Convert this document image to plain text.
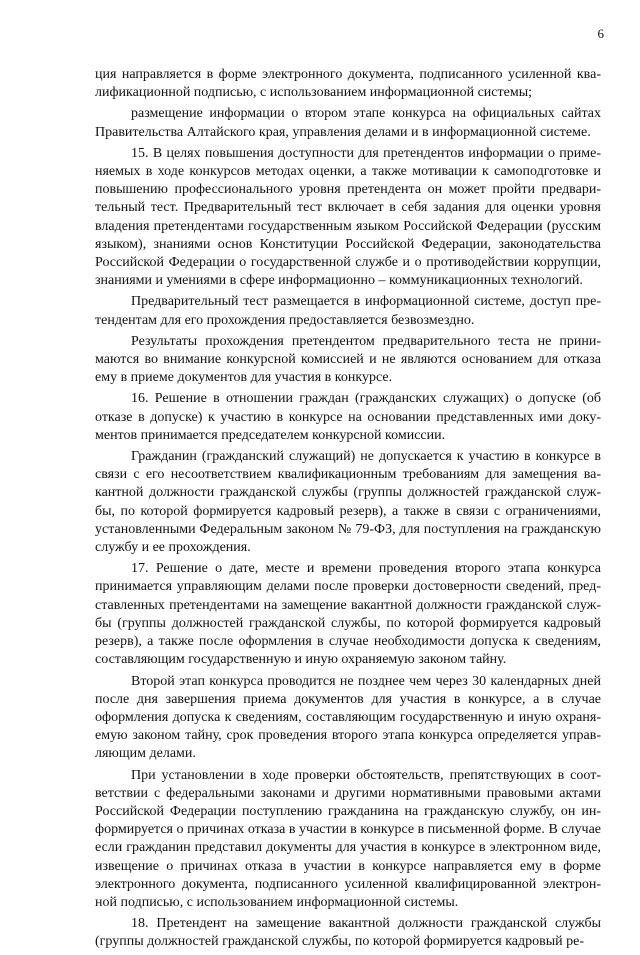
6

ция направляется в форме электронного документа, подписанного усиленной квалификационной подписью, с использованием информационной системы;

размещение информации о втором этапе конкурса на официальных сайтах Правительства Алтайского края, управления делами и в информационной системе.

15. В целях повышения доступности для претендентов информации о применяемых в ходе конкурсов методах оценки, а также мотивации к самоподготовке и повышению профессионального уровня претендента он может пройти предварительный тест. Предварительный тест включает в себя задания для оценки уровня владения претендентами государственным языком Российской Федерации (русским языком), знаниями основ Конституции Российской Федерации, законодательства Российской Федерации о государственной службе и о противодействии коррупции, знаниями и умениями в сфере информационно – коммуникационных технологий.

Предварительный тест размещается в информационной системе, доступ претендентам для его прохождения предоставляется безвозмездно.

Результаты прохождения претендентом предварительного теста не принимаются во внимание конкурсной комиссией и не являются основанием для отказа ему в приеме документов для участия в конкурсе.

16. Решение в отношении граждан (гражданских служащих) о допуске (об отказе в допуске) к участию в конкурсе на основании представленных ими документов принимается председателем конкурсной комиссии.

Гражданин (гражданский служащий) не допускается к участию в конкурсе в связи с его несоответствием квалификационным требованиям для замещения вакантной должности гражданской службы (группы должностей гражданской службы, по которой формируется кадровый резерв), а также в связи с ограничениями, установленными Федеральным законом № 79-ФЗ, для поступления на гражданскую службу и ее прохождения.

17. Решение о дате, месте и времени проведения второго этапа конкурса принимается управляющим делами после проверки достоверности сведений, представленных претендентами на замещение вакантной должности гражданской службы (группы должностей гражданской службы, по которой формируется кадровый резерв), а также после оформления в случае необходимости допуска к сведениям, составляющим государственную и иную охраняемую законом тайну.

Второй этап конкурса проводится не позднее чем через 30 календарных дней после дня завершения приема документов для участия в конкурсе, а в случае оформления допуска к сведениям, составляющим государственную и иную охраняемую законом тайну, срок проведения второго этапа конкурса определяется управляющим делами.

При установлении в ходе проверки обстоятельств, препятствующих в соответствии с федеральными законами и другими нормативными правовыми актами Российской Федерации поступлению гражданина на гражданскую службу, он информируется о причинах отказа в участии в конкурсе в письменной форме. В случае если гражданин представил документы для участия в конкурсе в электронном виде, извещение о причинах отказа в участии в конкурсе направляется ему в форме электронного документа, подписанного усиленной квалифицированной электронной подписью, с использованием информационной системы.

18. Претендент на замещение вакантной должности гражданской службы (группы должностей гражданской службы, по которой формируется кадровый ре-
